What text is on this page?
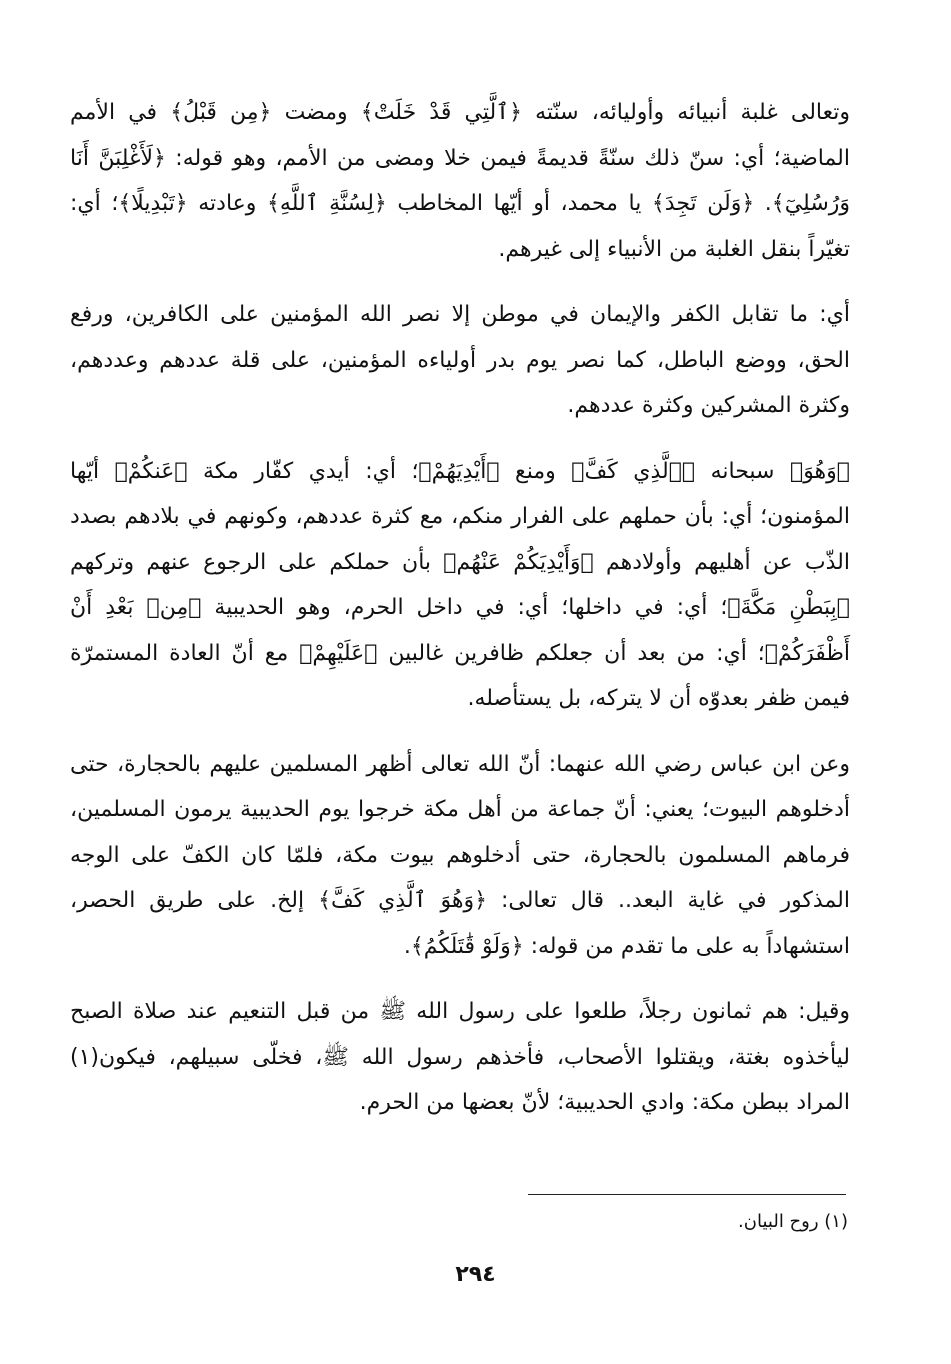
وتعالى غلبة أنبيائه وأوليائه، سنّته ﴿ٱلَّتِي قَدْ خَلَتْ﴾ ومضت ﴿مِن قَبْلُ﴾ في الأمم الماضية؛ أي: سنّ ذلك سنّةً قديمةً فيمن خلا ومضى من الأمم، وهو قوله: ﴿لَأَغْلِبَنَّ أَنَا وَرُسُلِيٓ﴾. ﴿وَلَن تَجِدَ﴾ يا محمد، أو أيّها المخاطب ﴿لِسُنَّةِ ٱللَّهِ﴾ وعادته ﴿تَبْدِيلًا﴾؛ أي: تغيّراً بنقل الغلبة من الأنبياء إلى غيرهم.

أي: ما تقابل الكفر والإيمان في موطن إلا نصر الله المؤمنين على الكافرين، ورفع الحق، ووضع الباطل، كما نصر يوم بدر أولياءه المؤمنين، على قلة عددهم وعددهم، وكثرة المشركين وكثرة عددهم.

﴿وَهُوَ﴾ سبحانه ﴿ٱلَّذِي كَفَّ﴾ ومنع ﴿أَيْدِيَهُمْ﴾؛ أي: أيدي كفّار مكة ﴿عَنكُمْ﴾ أيّها المؤمنون؛ أي: بأن حملهم على الفرار منكم، مع كثرة عددهم، وكونهم في بلادهم بصدد الذّب عن أهليهم وأولادهم ﴿وَأَيْدِيَكُمْ عَنْهُم﴾ بأن حملكم على الرجوع عنهم وتركهم ﴿بِبَطْنِ مَكَّةَ﴾؛ أي: في داخلها؛ أي: في داخل الحرم، وهو الحديبية ﴿مِنۢ بَعْدِ أَنْ أَظْفَرَكُمْ﴾؛ أي: من بعد أن جعلكم ظافرين غالبين ﴿عَلَيْهِمْ﴾ مع أنّ العادة المستمرّة فيمن ظفر بعدوّه أن لا يتركه، بل يستأصله.

وعن ابن عباس رضي الله عنهما: أنّ الله تعالى أظهر المسلمين عليهم بالحجارة، حتى أدخلوهم البيوت؛ يعني: أنّ جماعة من أهل مكة خرجوا يوم الحديبية يرمون المسلمين، فرماهم المسلمون بالحجارة، حتى أدخلوهم بيوت مكة، فلمّا كان الكفّ على الوجه المذكور في غاية البعد.. قال تعالى: ﴿وَهُوَ ٱلَّذِي كَفَّ﴾ إلخ. على طريق الحصر، استشهاداً به على ما تقدم من قوله: ﴿وَلَوْ قَٰتَلَكُمُ﴾.

وقيل: هم ثمانون رجلاً، طلعوا على رسول الله ﷺ من قبل التنعيم عند صلاة الصبح ليأخذوه بغتة، ويقتلوا الأصحاب، فأخذهم رسول الله ﷺ، فخلّى سبيلهم، فيكون(١) المراد ببطن مكة: وادي الحديبية؛ لأنّ بعضها من الحرم.

(١) روح البيان.
٢٩٤
